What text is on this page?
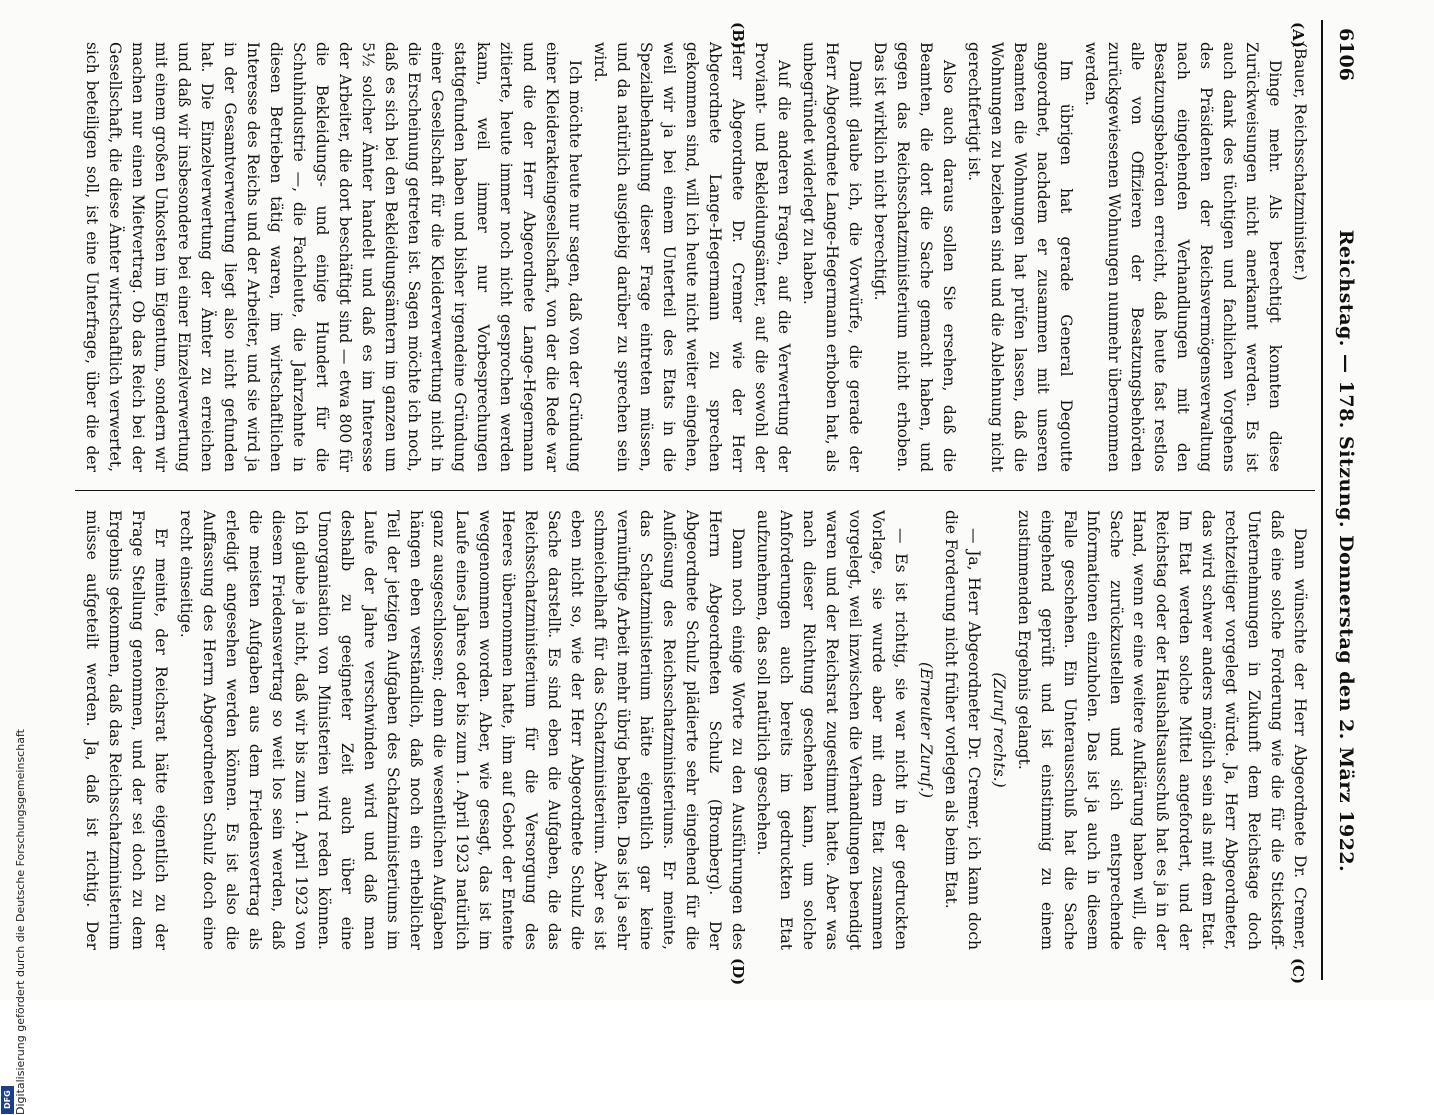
6106
Reichstag. — 178. Sitzung. Donnerstag den 2. März 1922.
(A)
(B)
(C)
(D)

(Bauer, Reichsschatzminister.)

Dinge mehr. Als berechtigt konnten diese Zurückweisungen nicht anerkannt werden. Es ist auch dank des tüchtigen und fachlichen Vorgehens des Präsidenten der Reichsvermögensverwaltung nach eingehenden Verhandlungen mit den Besatzungsbehörden erreicht, daß heute fast restlos alle von Offizieren der Besatzungsbehörden zurückgewiesenen Wohnungen nunmehr übernommen werden.

Im übrigen hat gerade General Degoutte angeordnet, nachdem er zusammen mit unseren Beamten die Wohnungen hat prüfen lassen, daß die Wohnungen zu beziehen sind und die Ablehnung nicht gerechtfertigt ist.

Also auch daraus sollen Sie ersehen, daß die Beamten, die dort die Sache gemacht haben, und gegen das Reichsschatzministerium nicht erhoben. Das ist wirklich nicht berechtigt.

Damit glaube ich, die Vorwürfe, die gerade der Herr Abgeordnete Lange-Hegermann erhoben hat, als unbegründet widerlegt zu haben.

Auf die anderen Fragen, auf die Verwertung der Proviant- und Bekleidungsämter, auf die sowohl der Herr Abgeordnete Dr. Cremer wie der Herr Abgeordnete Lange-Hegermann zu sprechen gekommen sind, will ich heute nicht weiter eingehen, weil wir ja bei einem Unterteil des Etats in die Spezialbehandlung dieser Frage eintreten müssen, und da natürlich ausgiebig darüber zu sprechen sein wird.

Ich möchte heute nur sagen, daß von der Gründung einer Kleiderakteingesellschaft, von der die Rede war und die der Herr Abgeordnete Lange-Hegermann zitierte, heute immer noch nicht gesprochen werden kann, weil immer nur Vorbesprechungen stattgefunden haben und bisher irgendeine Gründung einer Gesellschaft für die Kleiderverwertung nicht in die Erscheinung getreten ist. Sagen möchte ich noch, daß es sich bei den Bekleidungsämtern im ganzen um 5½ solcher Ämter handelt und daß es im Interesse der Arbeiter, die dort beschäftigt sind — etwa 800 für die Bekleidungs- und einige Hundert für die Schuhindustrie —, die Fachleute, die Jahrzehnte in diesen Betrieben tätig waren, im wirtschaftlichen Interesse des Reichs und der Arbeiter, und sie wird ja in der Gesamtverwertung liegt also nicht gefunden hat. Die Einzelverwertung der Ämter zu erreichen und daß wir insbesondere bei einer Einzelverwertung mit einem großen Unkosten im Eigentum, sondern wir machen nur einen Mietvertrag. Ob das Reich bei der Gesellschaft, die diese Ämter wirtschaftlich verwertet, sich beteiligen soll, ist eine Unterfrage, über die der

Dann wünschte der Herr Abgeordnete Dr. Cremer, daß eine solche Forderung wie die für die Stickstoff-Unternehmungen in Zukunft dem Reichstage doch rechtzeitiger vorgelegt würde. Ja, Herr Abgeordneter, das wird schwer anders möglich sein als mit dem Etat. Im Etat werden solche Mittel angefordert, und der Reichstag oder der Haushaltsausschuß hat es ja in der Hand, wenn er eine weitere Aufklärung haben will, die Sache zurückzustellen und sich entsprechende Informationen einzuholen. Das ist ja auch in diesem Falle geschehen. Ein Unterausschuß hat die Sache eingehend geprüft und ist einstimmig zu einem zustimmenden Ergebnis gelangt.

(Zuruf rechts.)

— Ja, Herr Abgeordneter Dr. Cremer, ich kann doch die Forderung nicht früher vorlegen als beim Etat.

(Erneuter Zuruf.)

— Es ist richtig, sie war nicht in der gedruckten Vorlage, sie wurde aber mit dem Etat zusammen vorgelegt, weil inzwischen die Verhandlungen beendigt waren und der Reichsrat zugestimmt hatte. Aber was nach dieser Richtung geschehen kann, um solche Anforderungen auch bereits im gedruckten Etat aufzunehmen, das soll natürlich geschehen.

Dann noch einige Worte zu den Ausführungen des Herrn Abgeordneten Schulz (Bromberg). Der Abgeordnete Schulz plädierte sehr eingehend für die Auflösung des Reichsschatzministeriums. Er meinte, das Schatzministerium hätte eigentlich gar keine vernünftige Arbeit mehr übrig behalten. Das ist ja sehr schmeichelhaft für das Schatzministerium. Aber es ist eben nicht so, wie der Herr Abgeordnete Schulz die Sache darstellt. Es sind eben die Aufgaben, die das Reichsschatzministerium für die Versorgung des Heeres übernommen hatte, ihm auf Gebot der Entente weggenommen worden. Aber, wie gesagt, das ist im Laufe eines Jahres oder bis zum 1. April 1923 natürlich ganz ausgeschlossen; denn die wesentlichen Aufgaben hängen eben verständlich, daß noch ein erheblicher Teil der jetzigen Aufgaben des Schatzministeriums im Laufe der Jahre verschwinden wird und daß man deshalb zu geeigneter Zeit auch über eine Umorganisation von Ministerien wird reden können. Ich glaube ja nicht, daß wir bis zum 1. April 1923 von diesem Friedensvertrag so weit los sein werden, daß die meisten Aufgaben aus dem Friedensvertrag als erledigt angesehen werden können. Es ist also die Auffassung des Herrn Abgeordneten Schulz doch eine recht einseitige.

Er meinte, der Reichsrat hätte eigentlich zu der Frage Stellung genommen, und der sei doch zu dem Ergebnis gekommen, daß das Reichsschatzministerium müsse aufgeteilt werden. Ja, daß ist richtig. Der

Digitalisierung gefördert durch die Deutsche Forschungsgemeinschaft
DFG
